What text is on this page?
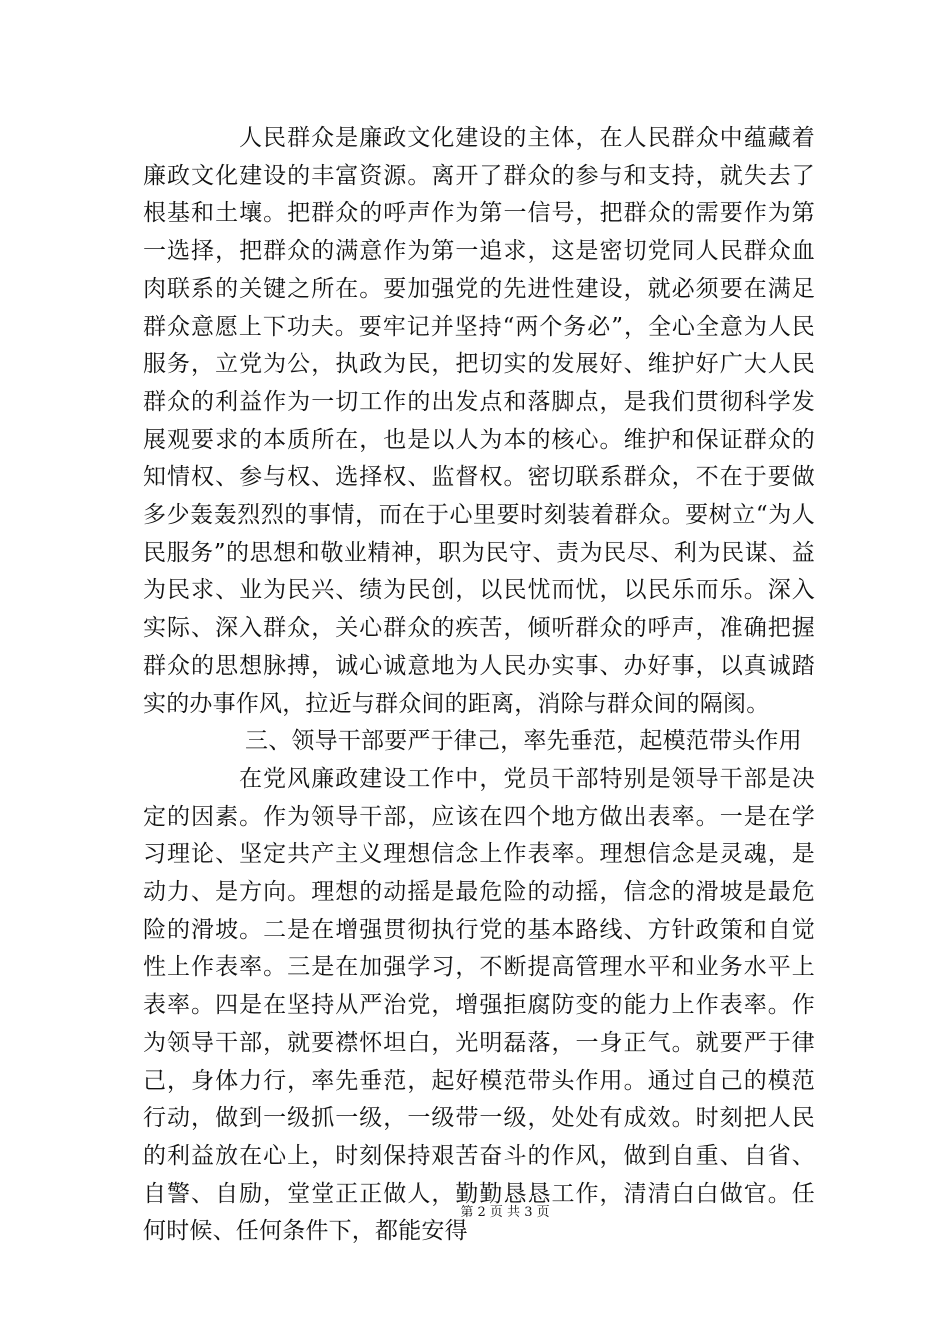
人民群众是廉政文化建设的主体，在人民群众中蕴藏着廉政文化建设的丰富资源。离开了群众的参与和支持，就失去了根基和土壤。把群众的呼声作为第一信号，把群众的需要作为第一选择，把群众的满意作为第一追求，这是密切党同人民群众血肉联系的关键之所在。要加强党的先进性建设，就必须要在满足群众意愿上下功夫。要牢记并坚持“两个务必”，全心全意为人民服务，立党为公，执政为民，把切实的发展好、维护好广大人民群众的利益作为一切工作的出发点和落脚点，是我们贯彻科学发展观要求的本质所在，也是以人为本的核心。维护和保证群众的知情权、参与权、选择权、监督权。密切联系群众，不在于要做多少轰轰烈烈的事情，而在于心里要时刻装着群众。要树立“为人民服务”的思想和敬业精神，职为民守、责为民尽、利为民谋、益为民求、业为民兴、绩为民创，以民忧而忧，以民乐而乐。深入实际、深入群众，关心群众的疾苦，倾听群众的呼声，准确把握群众的思想脉搏，诚心诚意地为人民办实事、办好事，以真诚踏实的办事作风，拉近与群众间的距离，消除与群众间的隔阂。

三、领导干部要严于律己，率先垂范，起模范带头作用

在党风廉政建设工作中，党员干部特别是领导干部是决定的因素。作为领导干部，应该在四个地方做出表率。一是在学习理论、坚定共产主义理想信念上作表率。理想信念是灵魂，是动力、是方向。理想的动摇是最危险的动摇，信念的滑坡是最危险的滑坡。二是在增强贯彻执行党的基本路线、方针政策和自觉性上作表率。三是在加强学习，不断提高管理水平和业务水平上表率。四是在坚持从严治党，增强拒腐防变的能力上作表率。作为领导干部，就要襟怀坦白，光明磊落，一身正气。就要严于律己，身体力行，率先垂范，起好模范带头作用。通过自己的模范行动，做到一级抓一级，一级带一级，处处有成效。时刻把人民的利益放在心上，时刻保持艰苦奋斗的作风，做到自重、自省、自警、自励，堂堂正正做人，勤勤恳恳工作，清清白白做官。任何时候、任何条件下，都能安得

第 2 页 共 3 页
